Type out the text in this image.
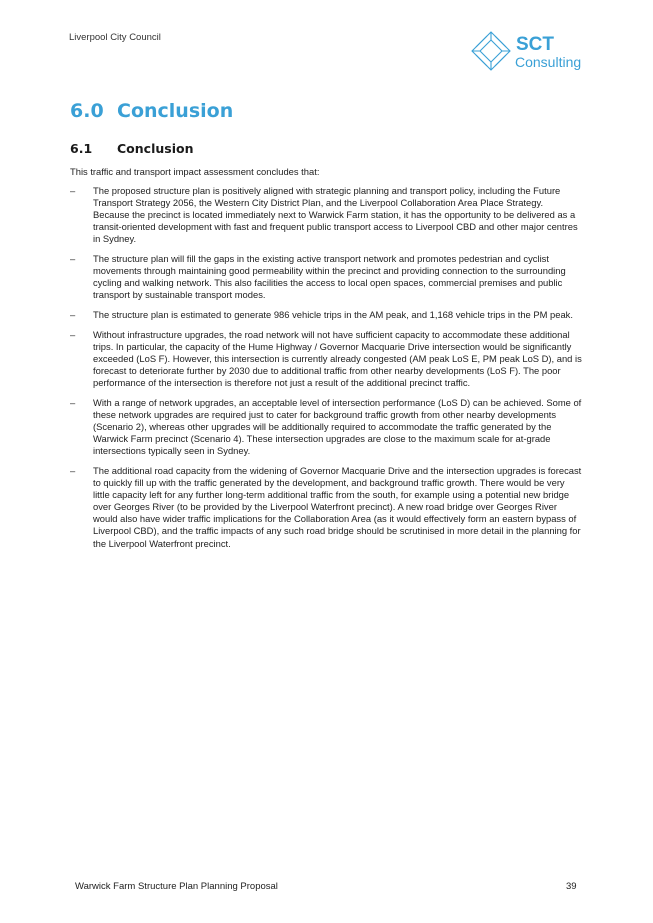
Liverpool City Council	SCT
Consulting
6.0 Conclusion
6.1 Conclusion

This traffic and transport impact assessment concludes that:

– The proposed structure plan is positively aligned with strategic planning and transport policy, including the Future Transport Strategy 2056, the Western City District Plan, and the Liverpool Collaboration Area Place Strategy. Because the precinct is located immediately next to Warwick Farm station, it has the opportunity to be delivered as a transit-oriented development with fast and frequent public transport access to Liverpool CBD and other major centres in Sydney.
– The structure plan will fill the gaps in the existing active transport network and promotes pedestrian and cyclist movements through maintaining good permeability within the precinct and providing connection to the surrounding cycling and walking network. This also facilities the access to local open spaces, commercial premises and public transport by sustainable transport modes.
– The structure plan is estimated to generate 986 vehicle trips in the AM peak, and 1,168 vehicle trips in the PM peak.
– Without infrastructure upgrades, the road network will not have sufficient capacity to accommodate these additional trips. In particular, the capacity of the Hume Highway / Governor Macquarie Drive intersection would be significantly exceeded (LoS F). However, this intersection is currently already congested (AM peak LoS E, PM peak LoS D), and is forecast to deteriorate further by 2030 due to additional traffic from other nearby developments (LoS F). The poor performance of the intersection is therefore not just a result of the additional precinct traffic.
– With a range of network upgrades, an acceptable level of intersection performance (LoS D) can be achieved. Some of these network upgrades are required just to cater for background traffic growth from other nearby developments (Scenario 2), whereas other upgrades will be additionally required to accommodate the traffic generated by the Warwick Farm precinct (Scenario 4). These intersection upgrades are close to the maximum scale for at-grade intersections typically seen in Sydney.
– The additional road capacity from the widening of Governor Macquarie Drive and the intersection upgrades is forecast to quickly fill up with the traffic generated by the development, and background traffic growth. There would be very little capacity left for any further long-term additional traffic from the south, for example using a potential new bridge over Georges River (to be provided by the Liverpool Waterfront precinct). A new road bridge over Georges River would also have wider traffic implications for the Collaboration Area (as it would effectively form an eastern bypass of Liverpool CBD), and the traffic impacts of any such road bridge should be scrutinised in more detail in the planning for the Liverpool Waterfront precinct.
Warwick Farm Structure Plan Planning Proposal	39
